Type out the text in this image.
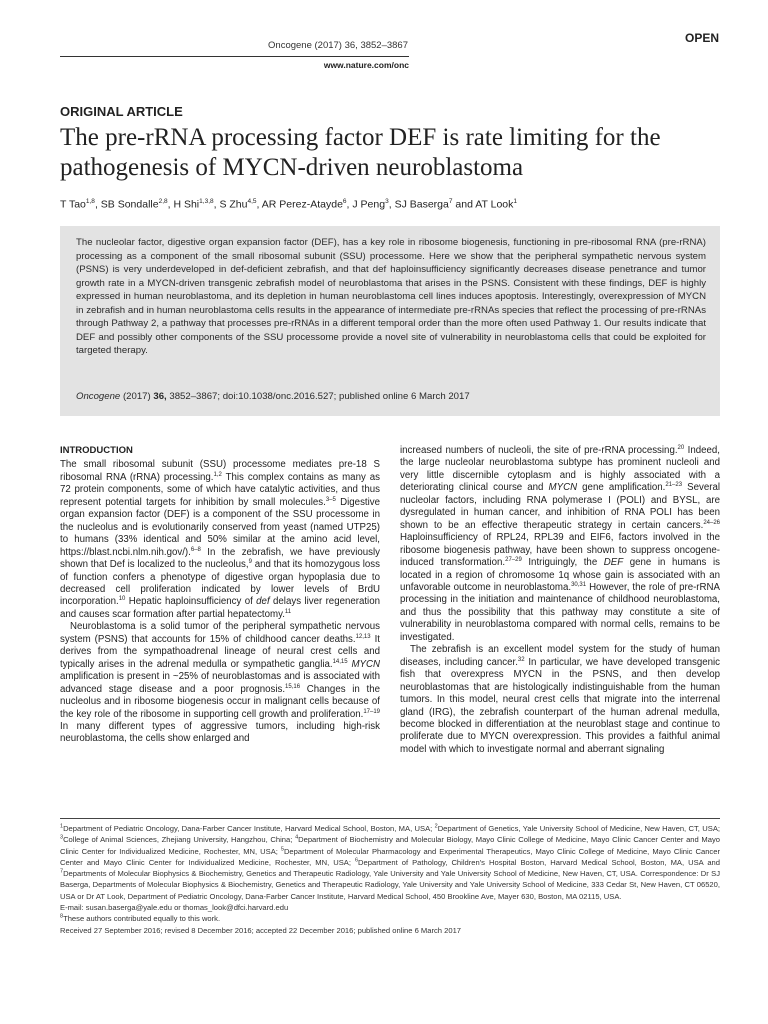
Oncogene (2017) 36, 3852–3867
OPEN
www.nature.com/onc
ORIGINAL ARTICLE
The pre-rRNA processing factor DEF is rate limiting for the pathogenesis of MYCN-driven neuroblastoma
T Tao$^{1,8}$, SB Sondalle$^{2,8}$, H Shi$^{1,3,8}$, S Zhu$^{4,5}$, AR Perez-Atayde$^6$, J Peng$^3$, SJ Baserga$^7$ and AT Look$^1$
The nucleolar factor, digestive organ expansion factor (DEF), has a key role in ribosome biogenesis, functioning in pre-ribosomal RNA (pre-rRNA) processing as a component of the small ribosomal subunit (SSU) processome. Here we show that the peripheral sympathetic nervous system (PSNS) is very underdeveloped in def-deficient zebrafish, and that def haploinsufficiency significantly decreases disease penetrance and tumor growth rate in a MYCN-driven transgenic zebrafish model of neuroblastoma that arises in the PSNS. Consistent with these findings, DEF is highly expressed in human neuroblastoma, and its depletion in human neuroblastoma cell lines induces apoptosis. Interestingly, overexpression of MYCN in zebrafish and in human neuroblastoma cells results in the appearance of intermediate pre-rRNAs species that reflect the processing of pre-rRNAs through Pathway 2, a pathway that processes pre-rRNAs in a different temporal order than the more often used Pathway 1. Our results indicate that DEF and possibly other components of the SSU processome provide a novel site of vulnerability in neuroblastoma cells that could be exploited for targeted therapy.
Oncogene (2017) 36, 3852–3867; doi:10.1038/onc.2016.527; published online 6 March 2017
INTRODUCTION

The small ribosomal subunit (SSU) processome mediates pre-18 S ribosomal RNA (rRNA) processing.$^{1,2}$ This complex contains as many as 72 protein components, some of which have catalytic activities, and thus represent potential targets for inhibition by small molecules.$^{3-5}$ Digestive organ expansion factor (DEF) is a component of the SSU processome in the nucleolus and is evolutionarily conserved from yeast (named UTP25) to humans (33% identical and 50% similar at the amino acid level, https://blast.ncbi.nlm.nih.gov/).$^{6-8}$ In the zebrafish, we have previously shown that Def is localized to the nucleolus,$^9$ and that its homozygous loss of function confers a phenotype of digestive organ hypoplasia due to decreased cell proliferation indicated by lower levels of BrdU incorporation.$^{10}$ Hepatic haploinsufficiency of def delays liver regeneration and causes scar formation after partial hepatectomy.$^{11}$

Neuroblastoma is a solid tumor of the peripheral sympathetic nervous system (PSNS) that accounts for 15% of childhood cancer deaths.$^{12,13}$ It derives from the sympathoadrenal lineage of neural crest cells and typically arises in the adrenal medulla or sympathetic ganglia.$^{14,15}$ MYCN amplification is present in ~25% of neuroblastomas and is associated with advanced stage disease and a poor prognosis.$^{15,16}$ Changes in the nucleolus and in ribosome biogenesis occur in malignant cells because of the key role of the ribosome in supporting cell growth and proliferation.$^{17-19}$ In many different types of aggressive tumors, including high-risk neuroblastoma, the cells show enlarged and

increased numbers of nucleoli, the site of pre-rRNA processing.$^{20}$ Indeed, the large nucleolar neuroblastoma subtype has prominent nucleoli and very little discernible cytoplasm and is highly associated with a deteriorating clinical course and MYCN gene amplification.$^{21-23}$ Several nucleolar factors, including RNA polymerase I (POLI) and BYSL, are dysregulated in human cancer, and inhibition of RNA POLI has been shown to be an effective therapeutic strategy in certain cancers.$^{24-26}$ Haploinsufficiency of RPL24, RPL39 and EIF6, factors involved in the ribosome biogenesis pathway, have been shown to suppress oncogene-induced transformation.$^{27-29}$ Intriguingly, the DEF gene in humans is located in a region of chromosome 1q whose gain is associated with an unfavorable outcome in neuroblastoma.$^{30,31}$ However, the role of pre-rRNA processing in the initiation and maintenance of childhood neuroblastoma, and thus the possibility that this pathway may constitute a site of vulnerability in neuroblastoma compared with normal cells, remains to be investigated.

The zebrafish is an excellent model system for the study of human diseases, including cancer.$^{32}$ In particular, we have developed transgenic fish that overexpress MYCN in the PSNS, and then develop neuroblastomas that are histologically indistinguishable from the human tumors. In this model, neural crest cells that migrate into the interrenal gland (IRG), the zebrafish counterpart of the human adrenal medulla, become blocked in differentiation at the neuroblast stage and continue to proliferate due to MYCN overexpression. This provides a faithful animal model with which to investigate normal and aberrant signaling

$^1$Department of Pediatric Oncology, Dana-Farber Cancer Institute, Harvard Medical School, Boston, MA, USA; $^2$Department of Genetics, Yale University School of Medicine, New Haven, CT, USA; $^3$College of Animal Sciences, Zhejiang University, Hangzhou, China; $^4$Department of Biochemistry and Molecular Biology, Mayo Clinic College of Medicine, Mayo Clinic Cancer Center and Mayo Clinic Center for Individualized Medicine, Rochester, MN, USA; $^5$Department of Molecular Pharmacology and Experimental Therapeutics, Mayo Clinic College of Medicine, Mayo Clinic Cancer Center and Mayo Clinic Center for Individualized Medicine, Rochester, MN, USA; $^6$Department of Pathology, Children's Hospital Boston, Harvard Medical School, Boston, MA, USA and $^7$Departments of Molecular Biophysics & Biochemistry, Genetics and Therapeutic Radiology, Yale University and Yale University School of Medicine, New Haven, CT, USA. Correspondence: Dr SJ Baserga, Departments of Molecular Biophysics & Biochemistry, Genetics and Therapeutic Radiology, Yale University and Yale University School of Medicine, 333 Cedar St, New Haven, CT 06520, USA or Dr AT Look, Department of Pediatric Oncology, Dana-Farber Cancer Institute, Harvard Medical School, 450 Brookline Ave, Mayer 630, Boston, MA 02115, USA.

E-mail: susan.baserga@yale.edu or thomas_look@dfci.harvard.edu

$^8$These authors contributed equally to this work.

Received 27 September 2016; revised 8 December 2016; accepted 22 December 2016; published online 6 March 2017
